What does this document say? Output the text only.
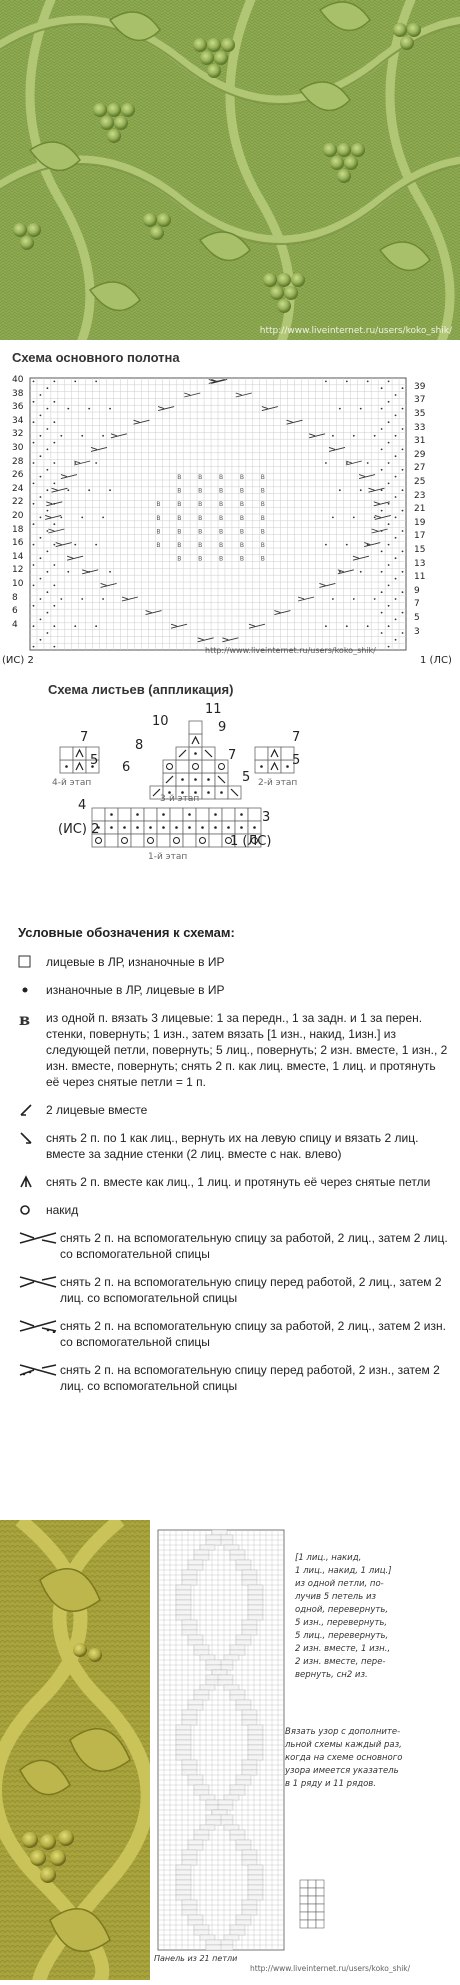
http://www.liveinternet.ru/users/koko_shik/
Схема основного полотна
B	B	B	B	B
B	B	B	B	B
B	B	B	B	B	B
B	B	B	B	B	B
B	B	B	B	B	B
B	B	B	B	B	B
B	B	B	B	B
40
38
36
34
32
30
28
26
24
22
20
18
16
14
12
10
8
6
4
39
37
35
33
31
29
27
25
23
21
19
17
15
13
11
9
7
5
3
(ИС) 2	1 (ЛС)
http://www.liveinternet.ru/users/koko_shik/
Схема листьев (аппликация)
10
11
9
8
7
6
5
7
5
7
5
4
3
(ИС) 2
1 (ЛС)
4-й этап
3-й этап
2-й этап
1-й этап
Условные обозначения к схемам:
лицевые в ЛР, изнаночные в ИР
изнаночные в ЛР, лицевые в ИР
в из одной п. вязать 3 лицевые: 1 за передн., 1 за задн. и 1 за перен. стенки, повернуть; 1 изн., затем вязать [1 изн., накид, 1изн.] из следующей петли, повернуть; 5 лиц., повернуть; 2 изн. вместе, 1 изн., 2 изн. вместе, повернуть; снять 2 п. как лиц. вместе, 1 лиц. и протянуть её через снятые петли = 1 п.
2 лицевые вместе
снять 2 п. по 1 как лиц., вернуть их на левую спицу и вязать 2 лиц. вместе за задние стенки (2 лиц. вместе с нак. влево)
снять 2 п. вместе как лиц., 1 лиц. и протянуть её через снятые петли
накид
снять 2 п. на вспомогательную спицу за работой, 2 лиц., затем 2 лиц. со вспомогательной спицы
снять 2 п. на вспомогательную спицу перед работой, 2 лиц., затем 2 лиц. со вспомогательной спицы
снять 2 п. на вспомогательную спицу за работой, 2 лиц., затем 2 изн. со вспомогательной спицы
снять 2 п. на вспомогательную спицу перед работой, 2 изн., затем 2 лиц. со вспомогательной спицы
[1 лиц., накид,
1 лиц., накид, 1 лиц.]
из одной петли, по-
лучив 5 петель из
одной, перевернуть,
5 изн., перевернуть,
5 лиц., перевернуть,
2 изн. вместе, 1 изн.,
2 изн. вместе, пере-
вернуть, сн2 из.
Вязать узор с дополните-
льной схемы каждый раз,
когда на схеме основного
узора имеется указатель
в 1 ряду и 11 рядов.
Панель из 21 петли
http://www.liveinternet.ru/users/koko_shik/
